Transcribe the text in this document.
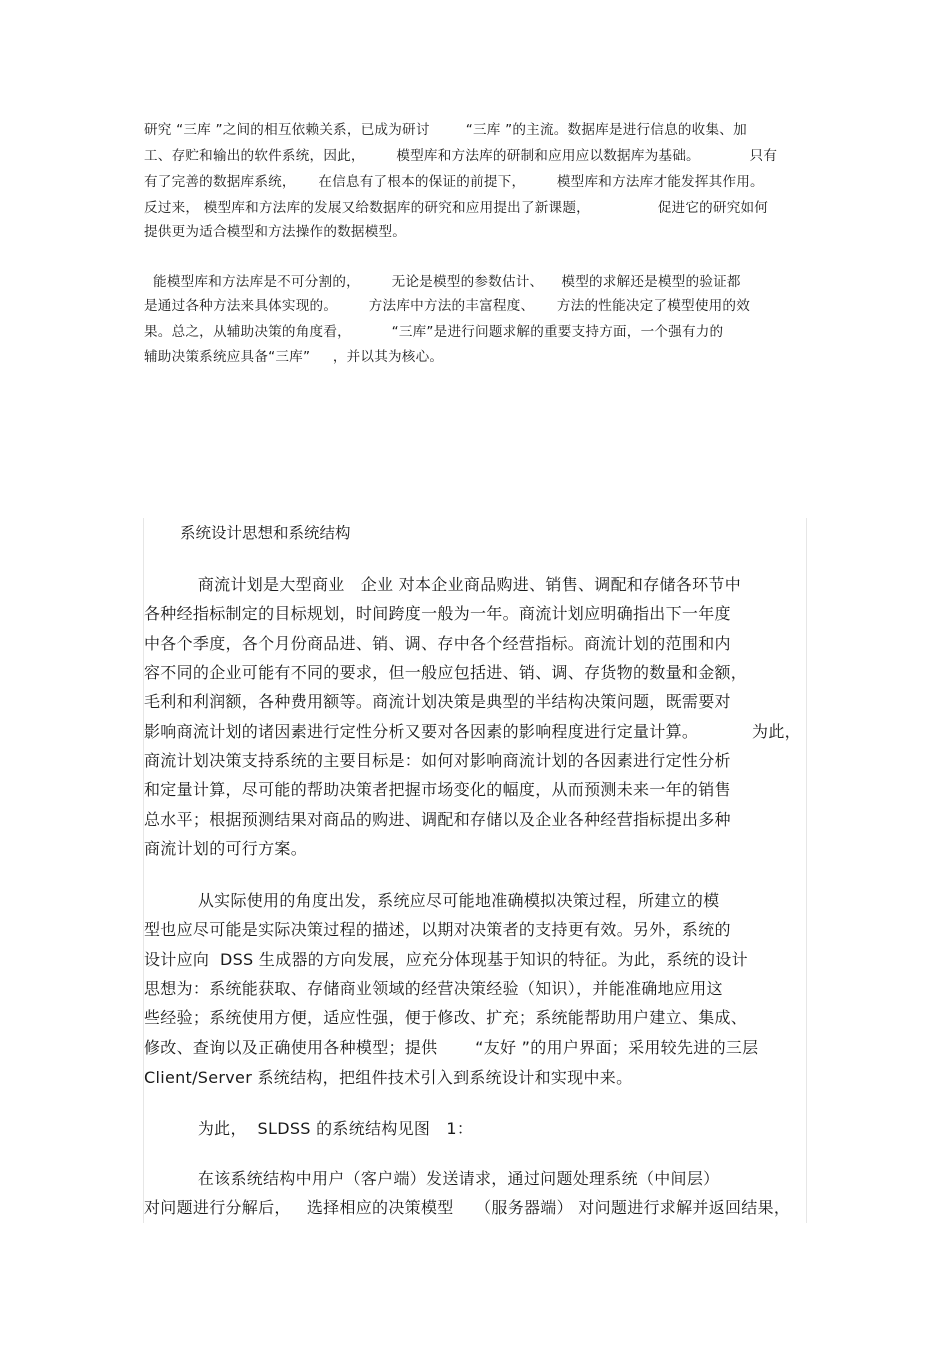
研究 “三库 ”之间的相互依赖关系，已成为研讨        “三库 ”的主流。数据库是进行信息的收集、加
工、存贮和输出的软件系统，因此，       模型库和方法库的研制和应用应以数据库为基础。           只有
有了完善的数据库系统，     在信息有了根本的保证的前提下，       模型库和方法库才能发挥其作用。
反过来， 模型库和方法库的发展又给数据库的研究和应用提出了新课题，               促进它的研究如何
提供更为适合模型和方法操作的数据模型。
能模型库和方法库是不可分割的，       无论是模型的参数估计、    模型的求解还是模型的验证都
是通过各种方法来具体实现的。       方法库中方法的丰富程度、     方法的性能决定了模型使用的效
果。总之，从辅助决策的角度看，         “三库”是进行问题求解的重要支持方面，一个强有力的
辅助决策系统应具备“三库”     ，并以其为核心。
系统设计思想和系统结构
商流计划是大型商业   企业 对本企业商品购进、销售、调配和存储各环节中
各种经指标制定的目标规划，时间跨度一般为一年。商流计划应明确指出下一年度
中各个季度，各个月份商品进、销、调、存中各个经营指标。商流计划的范围和内
容不同的企业可能有不同的要求，但一般应包括进、销、调、存货物的数量和金额，
毛利和利润额，各种费用额等。商流计划决策是典型的半结构决策问题，既需要对
影响商流计划的诸因素进行定性分析又要对各因素的影响程度进行定量计算。          为此，
商流计划决策支持系统的主要目标是：如何对影响商流计划的各因素进行定性分析
和定量计算，尽可能的帮助决策者把握市场变化的幅度，从而预测未来一年的销售
总水平；根据预测结果对商品的购进、调配和存储以及企业各种经营指标提出多种
商流计划的可行方案。
从实际使用的角度出发，系统应尽可能地准确模拟决策过程，所建立的模
型也应尽可能是实际决策过程的描述，以期对决策者的支持更有效。另外，系统的
设计应向  DSS 生成器的方向发展，应充分体现基于知识的特征。为此，系统的设计
思想为：系统能获取、存储商业领域的经营决策经验（知识），并能准确地应用这
些经验；系统使用方便，适应性强，便于修改、扩充；系统能帮助用户建立、集成、
修改、查询以及正确使用各种模型；提供       “友好 ”的用户界面；采用较先进的三层
Client/Server 系统结构，把组件技术引入到系统设计和实现中来。
为此，  SLDSS 的系统结构见图   1：
在该系统结构中用户（客户端）发送请求，通过问题处理系统（中间层）
对问题进行分解后，   选择相应的决策模型    （服务器端） 对问题进行求解并返回结果，
